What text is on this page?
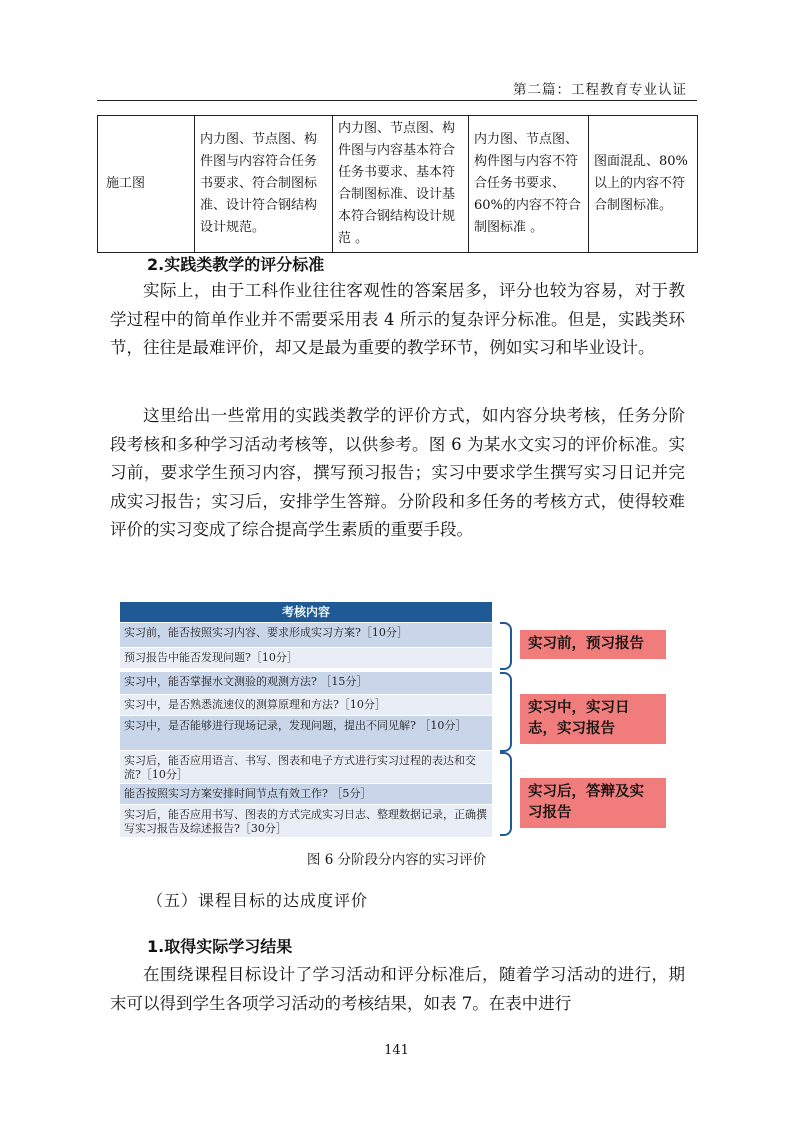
第二篇：工程教育专业认证
施工图	内力图、节点图、构件图与内容符合任务书要求、符合制图标准、设计符合钢结构设计规范。	内力图、节点图、构件图与内容基本符合任务书要求、基本符合制图标准、设计基本符合钢结构设计规范 。	内力图、节点图、构件图与内容不符合任务书要求、60%的内容不符合制图标准 。	图面混乱、80%以上的内容不符合制图标准。
2.实践类教学的评分标准
实际上，由于工科作业往往客观性的答案居多，评分也较为容易，对于教学过程中的简单作业并不需要采用表 4 所示的复杂评分标准。但是，实践类环节，往往是最难评价，却又是最为重要的教学环节，例如实习和毕业设计。
这里给出一些常用的实践类教学的评价方式，如内容分块考核，任务分阶段考核和多种学习活动考核等，以供参考。图 6 为某水文实习的评价标准。实习前，要求学生预习内容，撰写预习报告；实习中要求学生撰写实习日记并完成实习报告；实习后，安排学生答辩。分阶段和多任务的考核方式，使得较难评价的实习变成了综合提高学生素质的重要手段。
考核内容
实习前，能否按照实习内容、要求形成实习方案?［10分］
预习报告中能否发现问题?［10分］
实习中，能否掌握水文测验的观测方法? ［15分］
实习中，是否熟悉流速仪的测算原理和方法?［10分］
实习中，是否能够进行现场记录，发现问题，提出不同见解? ［10分］
实习后，能否应用语言、书写、图表和电子方式进行实习过程的表达和交流?［10分］
能否按照实习方案安排时间节点有效工作? ［5分］
实习后，能否应用书写、图表的方式完成实习日志、整理数据记录，正确撰写实习报告及综述报告?［30分］
实习前，预习报告
实习中，实习日志，实习报告
实习后，答辩及实习报告
图 6 分阶段分内容的实习评价
（五）课程目标的达成度评价
1.取得实际学习结果
在围绕课程目标设计了学习活动和评分标准后，随着学习活动的进行，期末可以得到学生各项学习活动的考核结果，如表 7。在表中进行
141
